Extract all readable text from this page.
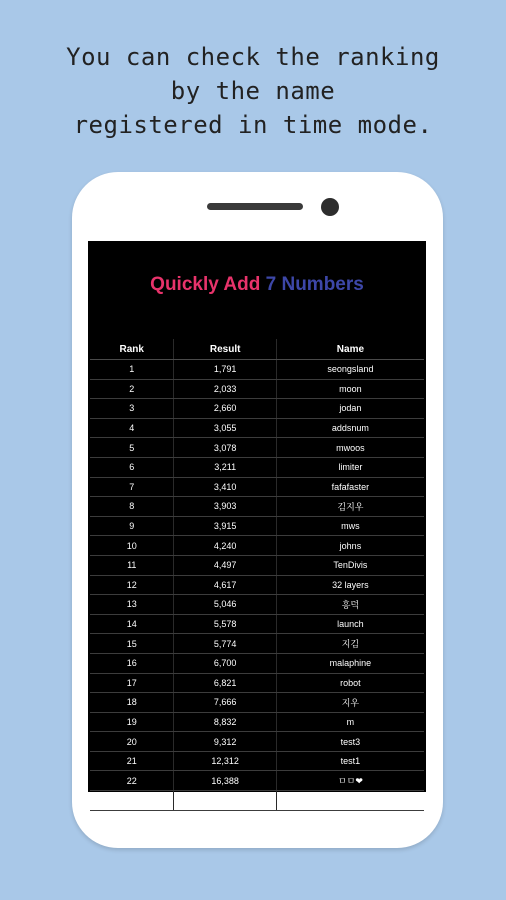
You can check the ranking
by the name
registered in time mode.
Quickly Add 7 Numbers
Rank	Result	Name
1	1,791	seongsland
2	2,033	moon
3	2,660	jodan
4	3,055	addsnum
5	3,078	mwoos
6	3,211	limiter
7	3,410	fafafaster
8	3,903	김지우
9	3,915	mws
10	4,240	johns
11	4,497	TenDivis
12	4,617	32 layers
13	5,046	흥덕
14	5,578	launch
15	5,774	지김
16	6,700	malaphine
17	6,821	robot
18	7,666	지우
19	8,832	m
20	9,312	test3
21	12,312	test1
22	16,388	ㅁㅁ❤
23	17,010	김지우
